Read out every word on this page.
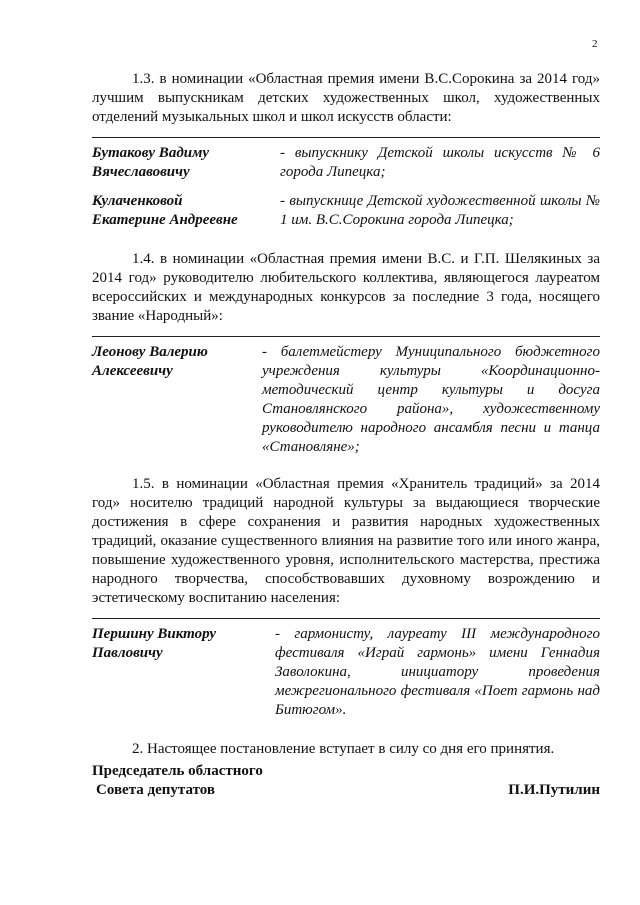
2

1.3. в номинации «Областная премия имени В.С.Сорокина за 2014 год» лучшим выпускникам детских художественных школ, художественных отделений музыкальных школ и школ искусств области:

Бутакову Вадиму Вячеславовичу
- выпускнику Детской школы искусств № 6 города Липецка;
Кулаченковой Екатерине Андреевне
- выпускнице Детской художественной школы № 1 им. В.С.Сорокина города Липецка;

1.4. в номинации «Областная премия имени В.С. и Г.П. Шелякиных за 2014 год» руководителю любительского коллектива, являющегося лауреатом всероссийских и международных конкурсов за последние 3 года, носящего звание «Народный»:

Леонову Валерию Алексеевичу
- балетмейстеру Муниципального бюджетного учреждения культуры «Координационно-методический центр культуры и досуга Становлянского района», художественному руководителю народного ансамбля песни и танца «Становляне»;

1.5. в номинации «Областная премия «Хранитель традиций» за 2014 год» носителю традиций народной культуры за выдающиеся творческие достижения в сфере сохранения и развития народных художественных традиций, оказание существенного влияния на развитие того или иного жанра, повышение художественного уровня, исполнительского мастерства, престижа народного творчества, способствовавших духовному возрождению и эстетическому воспитанию населения:

Першину Виктору Павловичу
- гармонисту, лауреату III международного фестиваля «Играй гармонь» имени Геннадия Заволокина, инициатору проведения межрегионального фестиваля «Поет гармонь над Битюгом».

2. Настоящее постановление вступает в силу со дня его принятия.

Председатель областного
Совета депутатов	П.И.Путилин
